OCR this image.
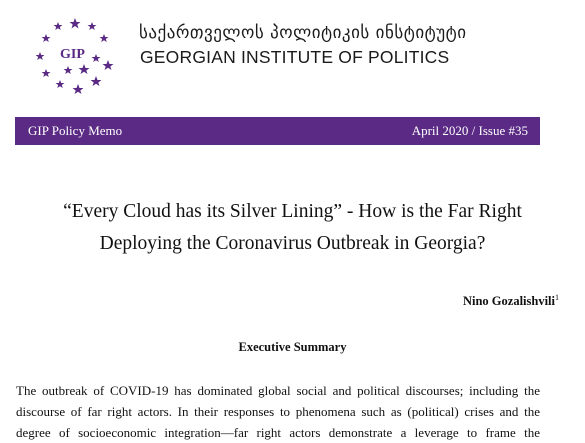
GIP
საქართველოს პოლიტიკის ინსტიტუტი
GEORGIAN INSTITUTE OF POLITICS
GIP Policy Memo	April 2020 / Issue #35
“Every Cloud has its Silver Lining” - How is the Far Right
Deploying the Coronavirus Outbreak in Georgia?
Nino Gozalishvili$^1$
Executive Summary
The outbreak of COVID-19 has dominated global social and political discourses; including the
discourse of far right actors. In their responses to phenomena such as (political) crises and the
degree of socioeconomic integration—far right actors demonstrate a leverage to frame the
